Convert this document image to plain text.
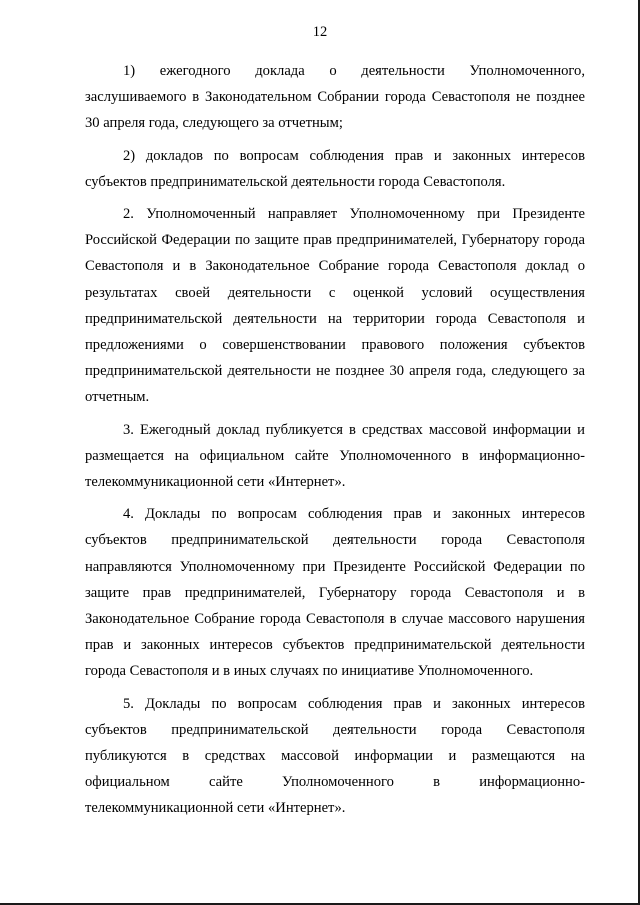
12

1) ежегодного доклада о деятельности Уполномоченного, заслушиваемого в Законодательном Собрании города Севастополя не позднее 30 апреля года, следующего за отчетным;

2) докладов по вопросам соблюдения прав и законных интересов субъектов предпринимательской деятельности города Севастополя.

2. Уполномоченный направляет Уполномоченному при Президенте Российской Федерации по защите прав предпринимателей, Губернатору города Севастополя и в Законодательное Собрание города Севастополя доклад о результатах своей деятельности с оценкой условий осуществления предпринимательской деятельности на территории города Севастополя и предложениями о совершенствовании правового положения субъектов предпринимательской деятельности не позднее 30 апреля года, следующего за отчетным.

3. Ежегодный доклад публикуется в средствах массовой информации и размещается на официальном сайте Уполномоченного в информационно-телекоммуникационной сети «Интернет».

4. Доклады по вопросам соблюдения прав и законных интересов субъектов предпринимательской деятельности города Севастополя направляются Уполномоченному при Президенте Российской Федерации по защите прав предпринимателей, Губернатору города Севастополя и в Законодательное Собрание города Севастополя в случае массового нарушения прав и законных интересов субъектов предпринимательской деятельности города Севастополя и в иных случаях по инициативе Уполномоченного.

5. Доклады по вопросам соблюдения прав и законных интересов субъектов предпринимательской деятельности города Севастополя публикуются в средствах массовой информации и размещаются на официальном сайте Уполномоченного в информационно-телекоммуникационной сети «Интернет».
